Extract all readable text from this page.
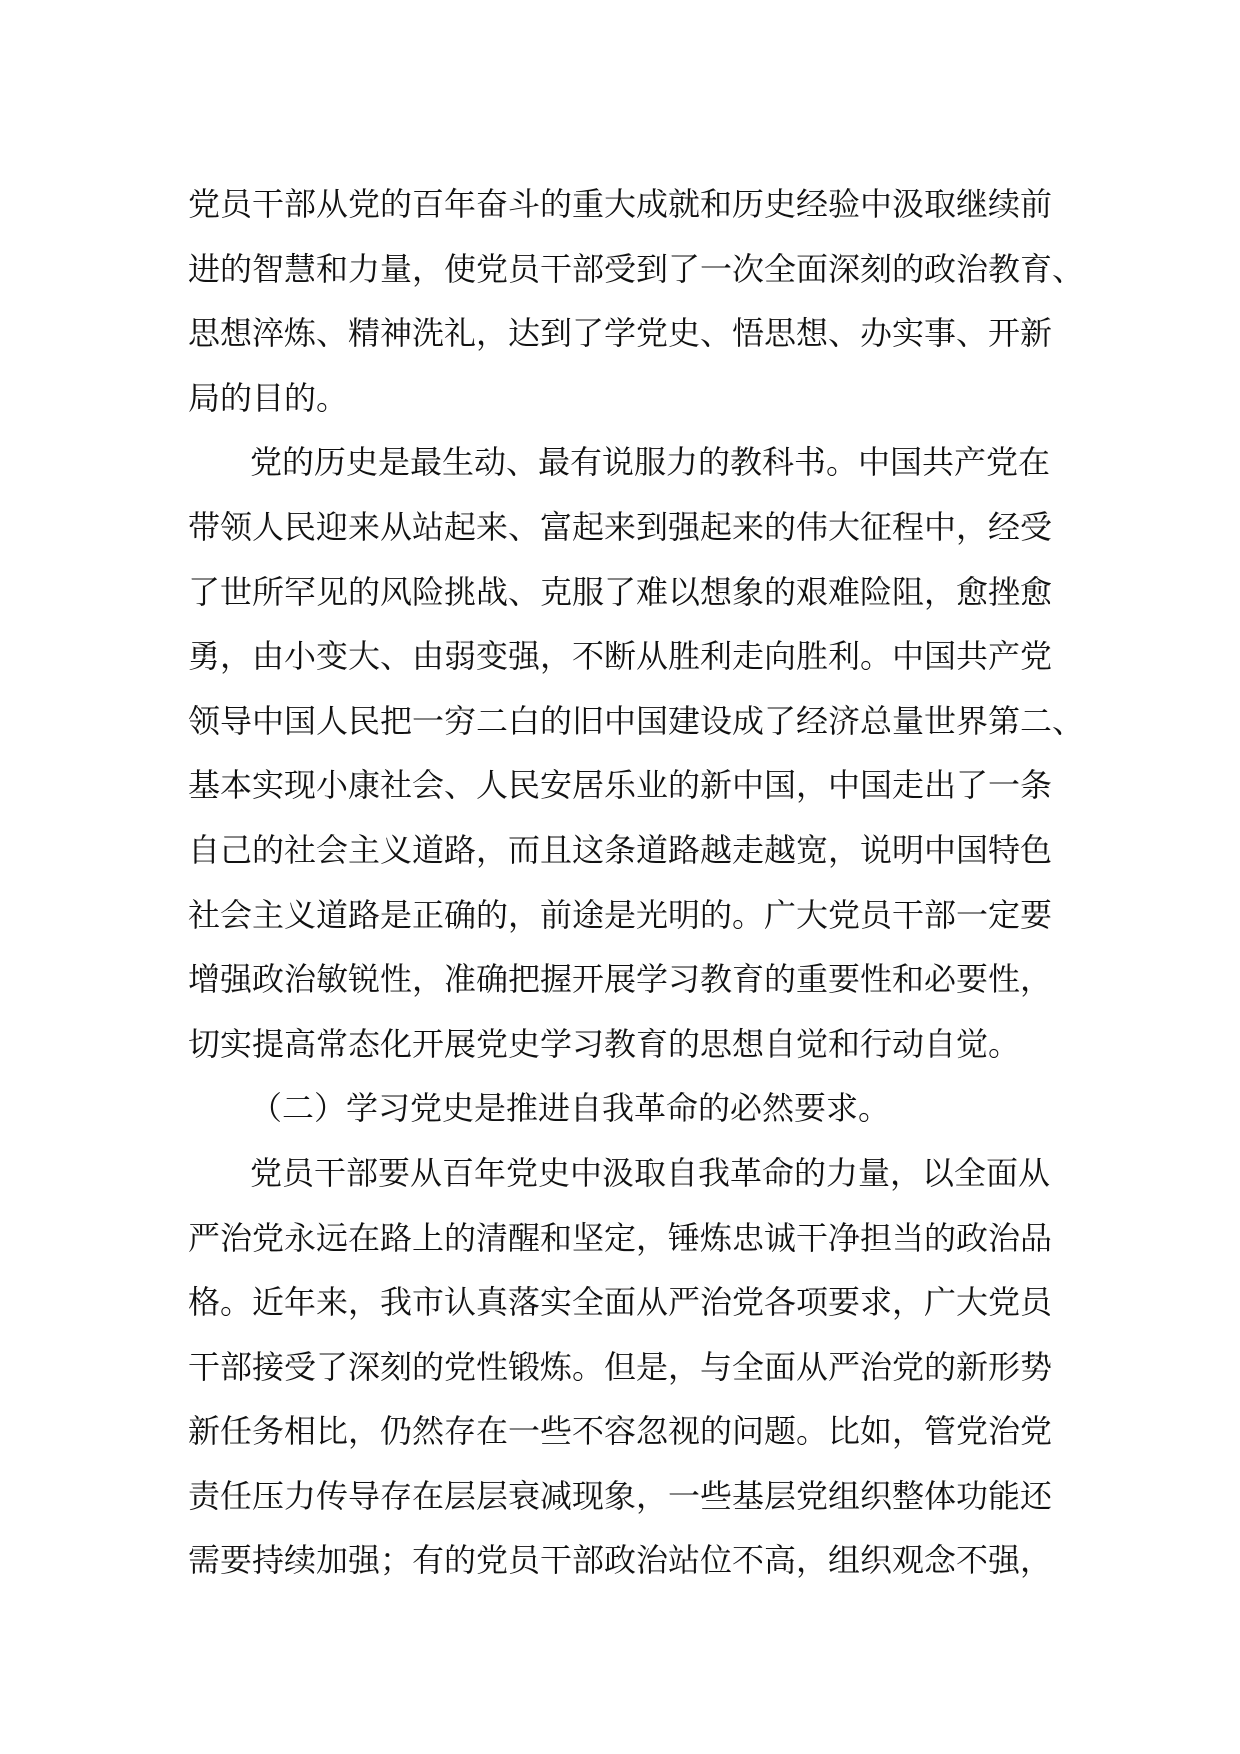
党员干部从党的百年奋斗的重大成就和历史经验中汲取继续前
进的智慧和力量，使党员干部受到了一次全面深刻的政治教育、
思想淬炼、精神洗礼，达到了学党史、悟思想、办实事、开新
局的目的。
党的历史是最生动、最有说服力的教科书。中国共产党在
带领人民迎来从站起来、富起来到强起来的伟大征程中，经受
了世所罕见的风险挑战、克服了难以想象的艰难险阻，愈挫愈
勇，由小变大、由弱变强，不断从胜利走向胜利。中国共产党
领导中国人民把一穷二白的旧中国建设成了经济总量世界第二、
基本实现小康社会、人民安居乐业的新中国，中国走出了一条
自己的社会主义道路，而且这条道路越走越宽，说明中国特色
社会主义道路是正确的，前途是光明的。广大党员干部一定要
增强政治敏锐性，准确把握开展学习教育的重要性和必要性，
切实提高常态化开展党史学习教育的思想自觉和行动自觉。
（二）学习党史是推进自我革命的必然要求。
党员干部要从百年党史中汲取自我革命的力量，以全面从
严治党永远在路上的清醒和坚定，锤炼忠诚干净担当的政治品
格。近年来，我市认真落实全面从严治党各项要求，广大党员
干部接受了深刻的党性锻炼。但是，与全面从严治党的新形势
新任务相比，仍然存在一些不容忽视的问题。比如，管党治党
责任压力传导存在层层衰减现象，一些基层党组织整体功能还
需要持续加强；有的党员干部政治站位不高，组织观念不强，
